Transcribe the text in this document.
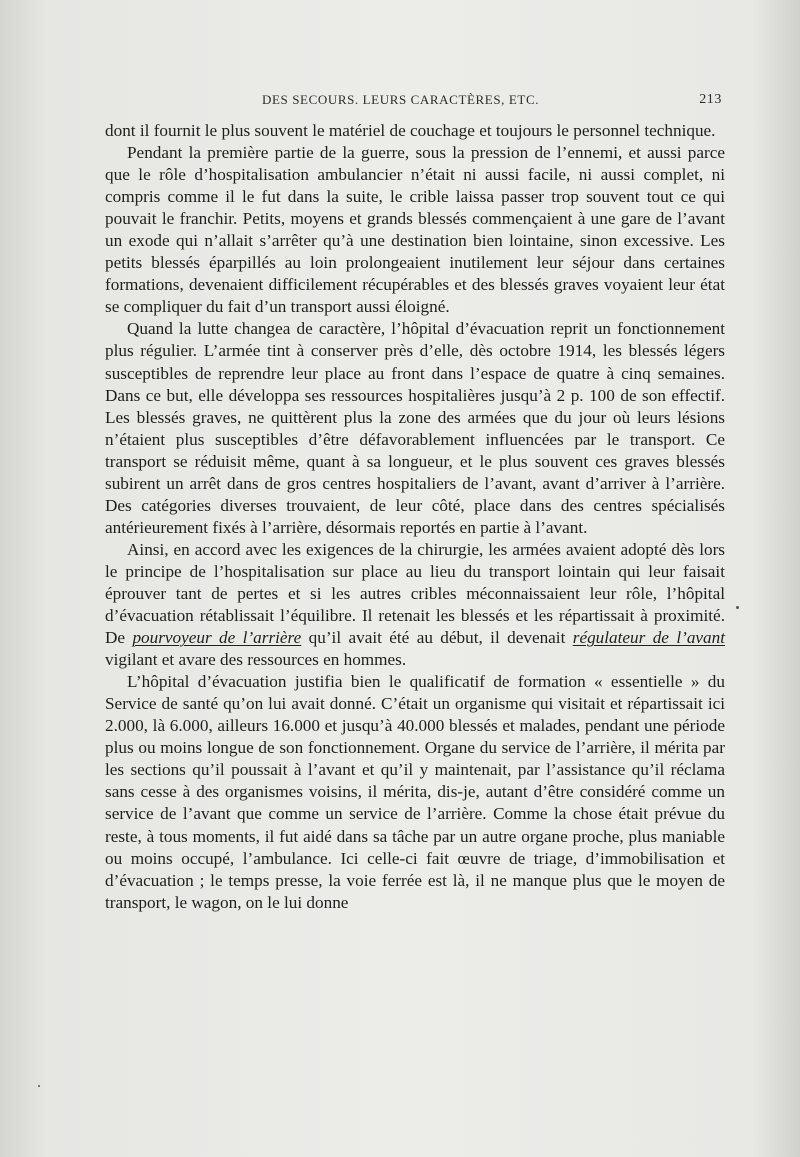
DES SECOURS. LEURS CARACTÈRES, ETC.	213

dont il fournit le plus souvent le matériel de couchage et toujours le personnel technique.

Pendant la première partie de la guerre, sous la pression de l’ennemi, et aussi parce que le rôle d’hospitalisation ambulancier n’était ni aussi facile, ni aussi complet, ni compris comme il le fut dans la suite, le crible laissa passer trop souvent tout ce qui pouvait le franchir. Petits, moyens et grands blessés commençaient à une gare de l’avant un exode qui n’allait s’arrêter qu’à une destination bien lointaine, sinon excessive. Les petits blessés éparpillés au loin prolongeaient inutilement leur séjour dans certaines formations, devenaient difficilement récupérables et des blessés graves voyaient leur état se compliquer du fait d’un transport aussi éloigné.

Quand la lutte changea de caractère, l’hôpital d’évacuation reprit un fonctionnement plus régulier. L’armée tint à conserver près d’elle, dès octobre 1914, les blessés légers susceptibles de reprendre leur place au front dans l’espace de quatre à cinq semaines. Dans ce but, elle développa ses ressources hospitalières jusqu’à 2 p. 100 de son effectif. Les blessés graves, ne quittèrent plus la zone des armées que du jour où leurs lésions n’étaient plus susceptibles d’être défavorablement influencées par le transport. Ce transport se réduisit même, quant à sa longueur, et le plus souvent ces graves blessés subirent un arrêt dans de gros centres hospitaliers de l’avant, avant d’arriver à l’arrière. Des catégories diverses trouvaient, de leur côté, place dans des centres spécialisés antérieurement fixés à l’arrière, désormais reportés en partie à l’avant.

Ainsi, en accord avec les exigences de la chirurgie, les armées avaient adopté dès lors le principe de l’hospitalisation sur place au lieu du transport lointain qui leur faisait éprouver tant de pertes et si les autres cribles méconnaissaient leur rôle, l’hôpital d’évacuation rétablissait l’équilibre. Il retenait les blessés et les répartissait à proximité. De pourvoyeur de l’arrière qu’il avait été au début, il devenait régulateur de l’avant vigilant et avare des ressources en hommes.

L’hôpital d’évacuation justifia bien le qualificatif de formation « essentielle » du Service de santé qu’on lui avait donné. C’était un organisme qui visitait et répartissait ici 2.000, là 6.000, ailleurs 16.000 et jusqu’à 40.000 blessés et malades, pendant une période plus ou moins longue de son fonctionnement. Organe du service de l’arrière, il mérita par les sections qu’il poussait à l’avant et qu’il y maintenait, par l’assistance qu’il réclama sans cesse à des organismes voisins, il mérita, dis-je, autant d’être considéré comme un service de l’avant que comme un service de l’arrière. Comme la chose était prévue du reste, à tous moments, il fut aidé dans sa tâche par un autre organe proche, plus maniable ou moins occupé, l’ambulance. Ici celle-ci fait œuvre de triage, d’immobilisation et d’évacuation ; le temps presse, la voie ferrée est là, il ne manque plus que le moyen de transport, le wagon, on le lui donne
